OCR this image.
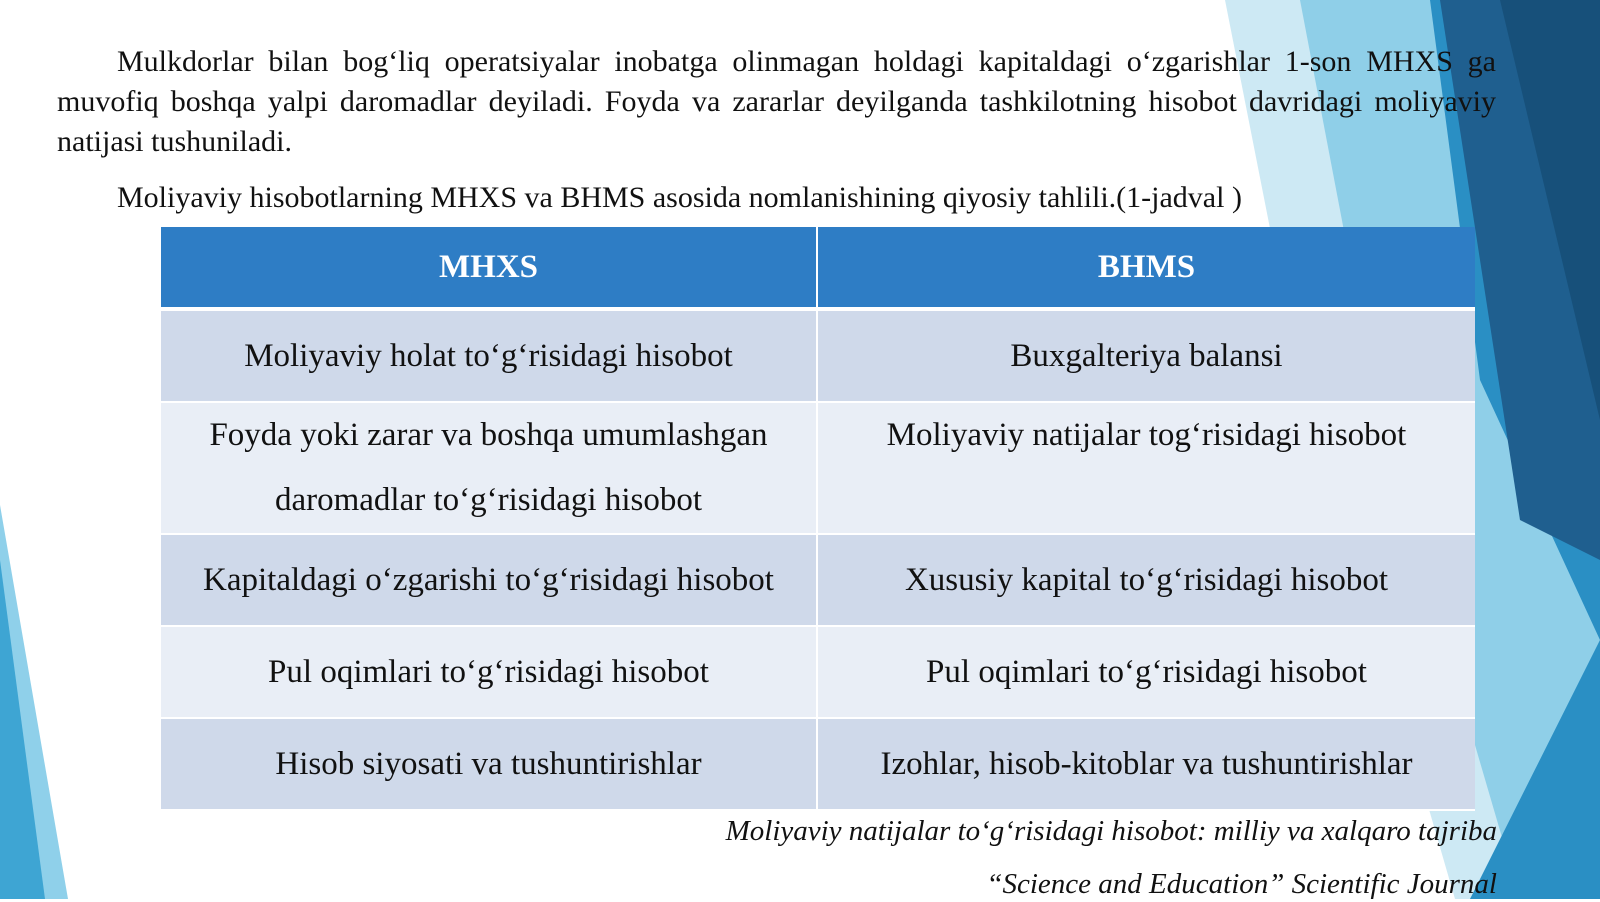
Mulkdorlar bilan bog‘liq operatsiyalar inobatga olinmagan holdagi kapitaldagi o‘zgarishlar 1-son MHXS ga muvofiq boshqa yalpi daromadlar deyiladi. Foyda va zararlar deyilganda tashkilotning hisobot davridagi moliyaviy natijasi tushuniladi.

Moliyaviy hisobotlarning MHXS va BHMS asosida nomlanishining qiyosiy tahlili.(1-jadval )

MHXS	BHMS
Moliyaviy holat to‘g‘risidagi hisobot	Buxgalteriya balansi
Foyda yoki zarar va boshqa umumlashgan daromadlar to‘g‘risidagi hisobot	Moliyaviy natijalar tog‘risidagi hisobot
Kapitaldagi o‘zgarishi to‘g‘risidagi hisobot	Xususiy kapital to‘g‘risidagi hisobot
Pul oqimlari to‘g‘risidagi hisobot	Pul oqimlari to‘g‘risidagi hisobot
Hisob siyosati va tushuntirishlar	Izohlar, hisob-kitoblar va tushuntirishlar

Moliyaviy natijalar to‘g‘risidagi hisobot: milliy va xalqaro tajriba

“Science and Education” Scientific Journal
